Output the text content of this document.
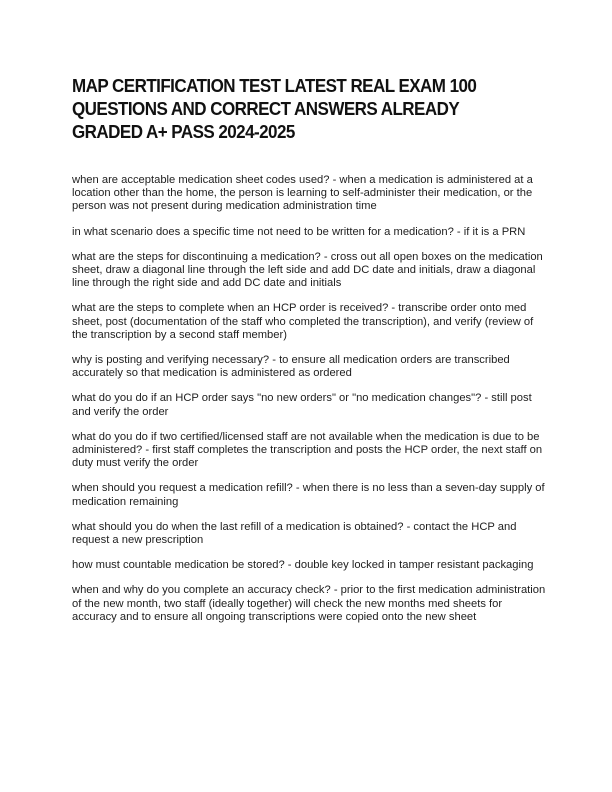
MAP CERTIFICATION TEST LATEST REAL EXAM 100 QUESTIONS AND CORRECT ANSWERS ALREADY GRADED A+ PASS 2024-2025

when are acceptable medication sheet codes used? - when a medication is administered at a location other than the home, the person is learning to self-administer their medication, or the person was not present during medication administration time

in what scenario does a specific time not need to be written for a medication? - if it is a PRN

what are the steps for discontinuing a medication? - cross out all open boxes on the medication sheet, draw a diagonal line through the left side and add DC date and initials, draw a diagonal line through the right side and add DC date and initials

what are the steps to complete when an HCP order is received? - transcribe order onto med sheet, post (documentation of the staff who completed the transcription), and verify (review of the transcription by a second staff member)

why is posting and verifying necessary? - to ensure all medication orders are transcribed accurately so that medication is administered as ordered

what do you do if an HCP order says "no new orders" or "no medication changes"? - still post and verify the order

what do you do if two certified/licensed staff are not available when the medication is due to be administered? - first staff completes the transcription and posts the HCP order, the next staff on duty must verify the order

when should you request a medication refill? - when there is no less than a seven-day supply of medication remaining

what should you do when the last refill of a medication is obtained? - contact the HCP and request a new prescription

how must countable medication be stored? - double key locked in tamper resistant packaging

when and why do you complete an accuracy check? - prior to the first medication administration of the new month, two staff (ideally together) will check the new months med sheets for accuracy and to ensure all ongoing transcriptions were copied onto the new sheet
